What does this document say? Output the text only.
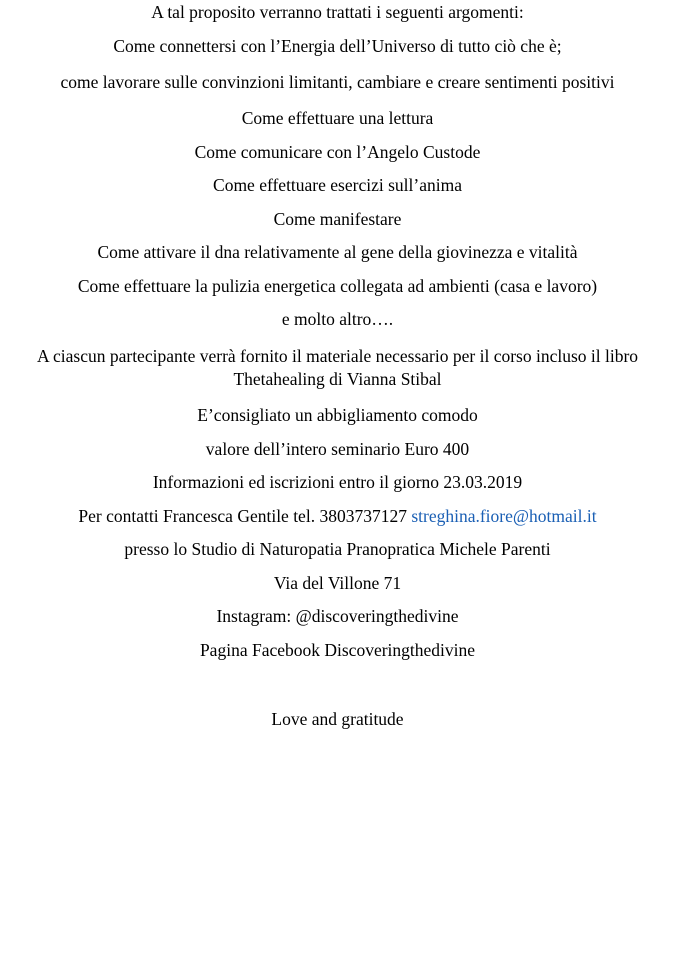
A tal proposito verranno trattati i seguenti argomenti:

Come connettersi con l’Energia dell’Universo di tutto ciò che è;

come lavorare sulle convinzioni limitanti, cambiare e creare sentimenti positivi

Come effettuare una lettura

Come comunicare con l’Angelo Custode

Come effettuare esercizi sull’anima

Come manifestare

Come attivare il dna relativamente al gene della giovinezza e vitalità

Come effettuare la pulizia energetica collegata ad ambienti (casa e lavoro)

e molto altro….

A ciascun partecipante verrà fornito il materiale necessario per il corso incluso il libro Thetahealing di Vianna Stibal

E’consigliato un abbigliamento comodo

valore dell’intero seminario Euro 400

Informazioni ed iscrizioni entro il giorno 23.03.2019

Per contatti Francesca Gentile tel. 3803737127 streghina.fiore@hotmail.it

presso lo Studio di Naturopatia Pranopratica Michele Parenti

Via del Villone 71

Instagram: @discoveringthedivine

Pagina Facebook Discoveringthedivine

Love and gratitude
